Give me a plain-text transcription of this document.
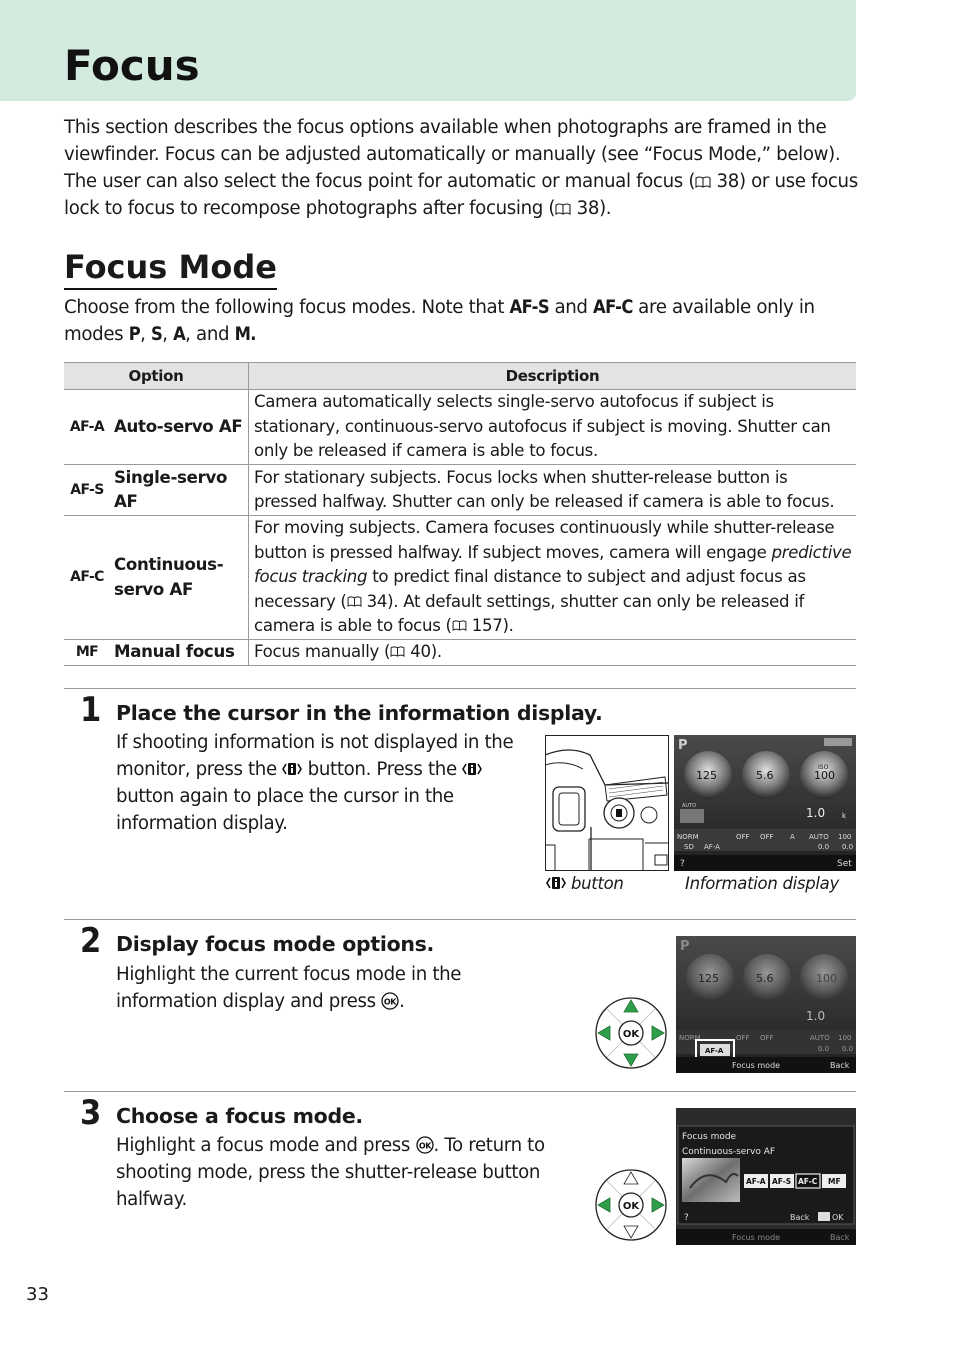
Focus

This section describes the focus options available when photographs are framed in the viewfinder. Focus can be adjusted automatically or manually (see “Focus Mode,” below). The user can also select the focus point for automatic or manual focus ( 38) or use focus lock to focus to recompose photographs after focusing ( 38).

Focus Mode

Choose from the following focus modes. Note that AF-S and AF-C are available only in modes P, S, A, and M.

Option		Description
AF-A	Auto-servo AF	Camera automatically selects single-servo autofocus if subject is stationary, continuous-servo autofocus if subject is moving. Shutter can only be released if camera is able to focus.
AF-S	Single-servo AF	For stationary subjects. Focus locks when shutter-release button is pressed halfway. Shutter can only be released if camera is able to focus.
AF-C	Continuous-servo AF	For moving subjects. Camera focuses continuously while shutter-release button is pressed halfway. If subject moves, camera will engage predictive focus tracking to predict final distance to subject and adjust focus as necessary ( 34). At default settings, shutter can only be released if camera is able to focus ( 157).
MF	Manual focus	Focus manually ( 40).
1 Place the cursor in the information display.

If shooting information is not displayed in the monitor, press the  button. Press the  button again to place the cursor in the information display.

P
125	5.6
ISO
100
AUTO	1.0 k
NORM	OFF OFF A AUTO 100
SD AF-A	0.0 0.0
?	Set
button	Information display
2 Display focus mode options.

Highlight the current focus mode in the information display and press OK .

OK
P
125	5.6	100
1.0
NORM	OFF OFF	AUTO 100
0.0 0.0
AF-A
Focus mode	Back
3 Choose a focus mode.

Highlight a focus mode and press OK . To return to shooting mode, press the shutter-release button halfway.	OK
Focus mode
Continuous-servo AF
AF-A AF-S AF-C MF
?	Back	OK
Focus mode	Back
33
